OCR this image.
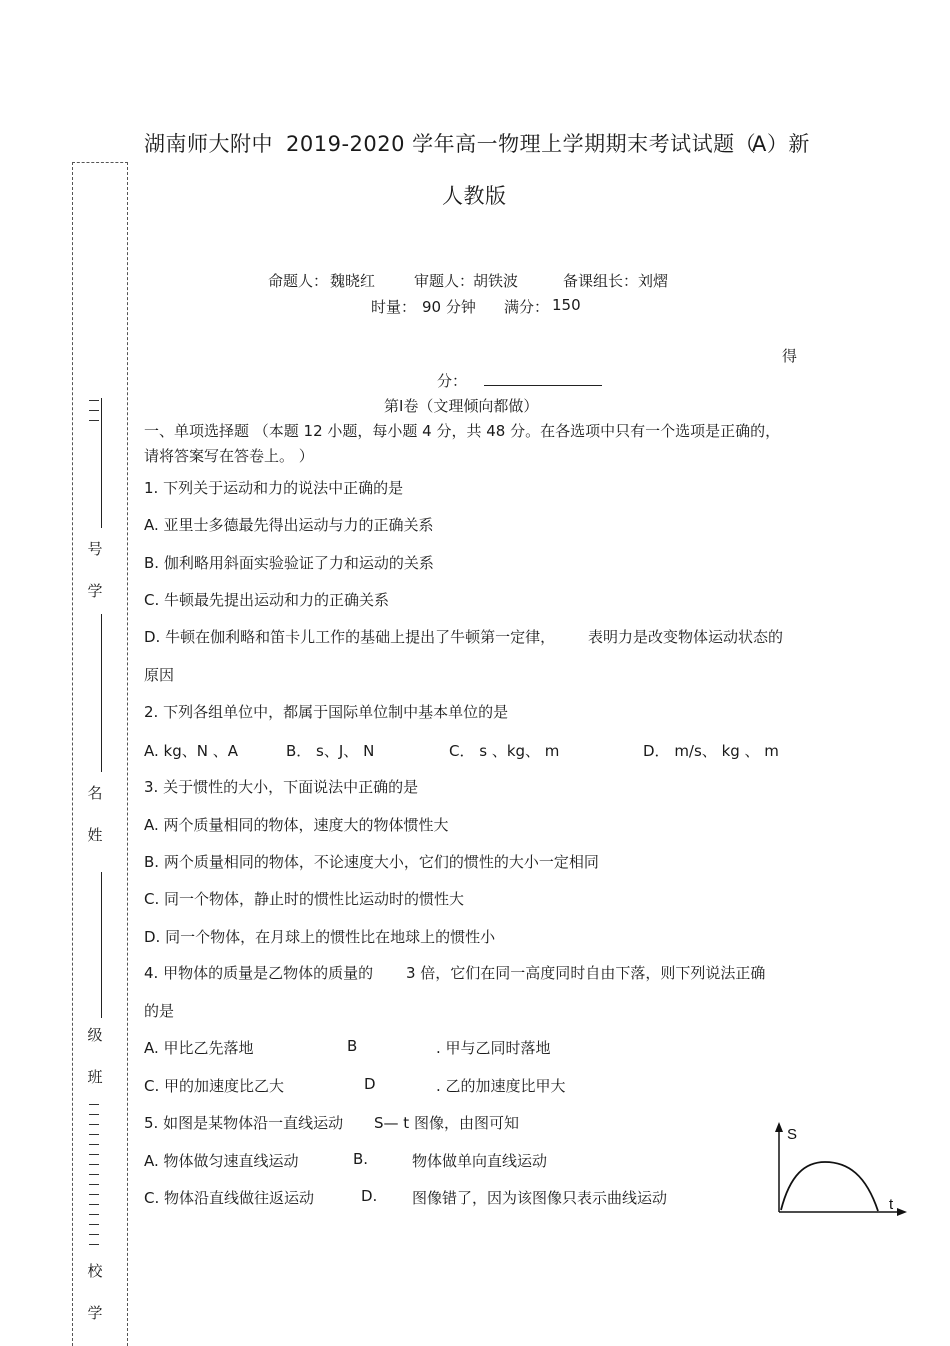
号
学
名
姓
级
班
校
学
湖南师大附中 2019-2020 学年高一物理上学期期末考试试题（
A）新
人教版
命题人： 魏晓红	审题人：
胡铁波	备课组长： 刘熠
时量： 90 分钟 满分： 150
得
分：
第Ⅰ卷（文理倾向都做）
一、单项选择题 （本题 12 小题，每小题 4 分，共 48 分。在各选项中只有一个选项是正确的，
请将答案写在答卷上。 ）
1. 下列关于运动和力的说法中正确的是
A. 亚里士多德最先得出运动与力的正确关系
B. 伽利略用斜面实验验证了力和运动的关系
C. 牛顿最先提出运动和力的正确关系
D. 牛顿在伽利略和笛卡儿工作的基础上提出了牛顿第一定律， 表明力是改变物体运动状态的
原因
2. 下列各组单位中，都属于国际单位制中基本单位的是
A. kg、N 、A	B． s、J、 N	C． s 、kg、 m	D． m/s、 kg 、 m
3. 关于惯性的大小，下面说法中正确的是
A. 两个质量相同的物体，速度大的物体惯性大
B. 两个质量相同的物体，不论速度大小，它们的惯性的大小一定相同
C. 同一个物体，静止时的惯性比运动时的惯性大
D. 同一个物体，在月球上的惯性比在地球上的惯性小
4. 甲物体的质量是乙物体的质量的 3 倍，它们在同一高度同时自由下落，则下列说法正确
的是
A. 甲比乙先落地	B	. 甲与乙同时落地
C. 甲的加速度比乙大	D	. 乙的加速度比甲大
5. 如图是某物体沿一直线运动 S— t 图像，由图可知
A. 物体做匀速直线运动	B.	物体做单向直线运动
C. 物体沿直线做往返运动	D. 图像错了，因为该图像只表示曲线运动
S
t
